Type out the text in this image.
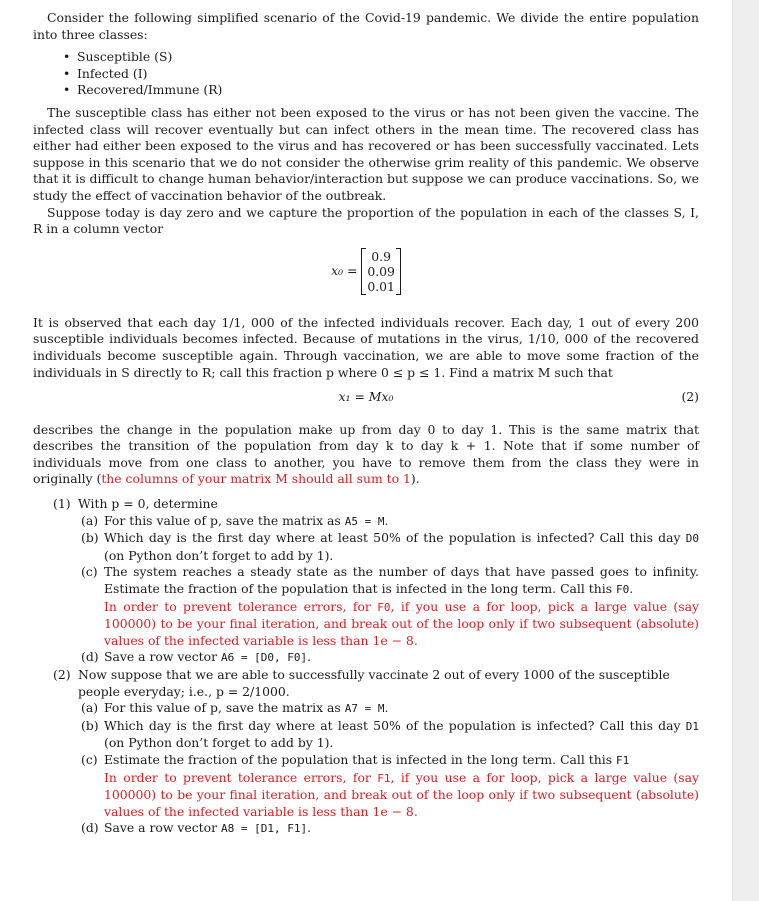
Consider the following simplified scenario of the Covid-19 pandemic. We divide the entire population into three classes:

• Susceptible (S)
• Infected (I)
• Recovered/Immune (R)

The susceptible class has either not been exposed to the virus or has not been given the vaccine. The infected class will recover eventually but can infect others in the mean time. The recovered class has either had either been exposed to the virus and has recovered or has been successfully vaccinated. Lets suppose in this scenario that we do not consider the otherwise grim reality of this pandemic. We observe that it is difficult to change human behavior/interaction but suppose we can produce vaccinations. So, we study the effect of vaccination behavior of the outbreak.

Suppose today is day zero and we capture the proportion of the population in each of the classes S, I, R in a column vector

x₀ =
0.9
0.09
0.01

It is observed that each day 1/1, 000 of the infected individuals recover. Each day, 1 out of every 200 susceptible individuals becomes infected. Because of mutations in the virus, 1/10, 000 of the recovered individuals become susceptible again. Through vaccination, we are able to move some fraction of the individuals in S directly to R; call this fraction p where 0 ≤ p ≤ 1. Find a matrix M such that

x₁ = Mx₀	(2)

describes the change in the population make up from day 0 to day 1. This is the same matrix that describes the transition of the population from day k to day k + 1. Note that if some number of individuals move from one class to another, you have to remove them from the class they were in originally (the columns of your matrix M should all sum to 1).

(1) With p = 0, determine
(a) For this value of p, save the matrix as A5 = M.
(b) Which day is the first day where at least 50% of the population is infected? Call this day D0 (on Python don’t forget to add by 1).
(c) The system reaches a steady state as the number of days that have passed goes to infinity. Estimate the fraction of the population that is infected in the long term. Call this F0.
In order to prevent tolerance errors, for F0, if you use a for loop, pick a large value (say 100000) to be your final iteration, and break out of the loop only if two subsequent (absolute) values of the infected variable is less than 1e − 8.
(d) Save a row vector A6 = [D0, F0].
(2) Now suppose that we are able to successfully vaccinate 2 out of every 1000 of the susceptible people everyday; i.e., p = 2/1000.
(a) For this value of p, save the matrix as A7 = M.
(b) Which day is the first day where at least 50% of the population is infected? Call this day D1 (on Python don’t forget to add by 1).
(c) Estimate the fraction of the population that is infected in the long term. Call this F1
In order to prevent tolerance errors, for F1, if you use a for loop, pick a large value (say 100000) to be your final iteration, and break out of the loop only if two subsequent (absolute) values of the infected variable is less than 1e − 8.
(d) Save a row vector A8 = [D1, F1].
